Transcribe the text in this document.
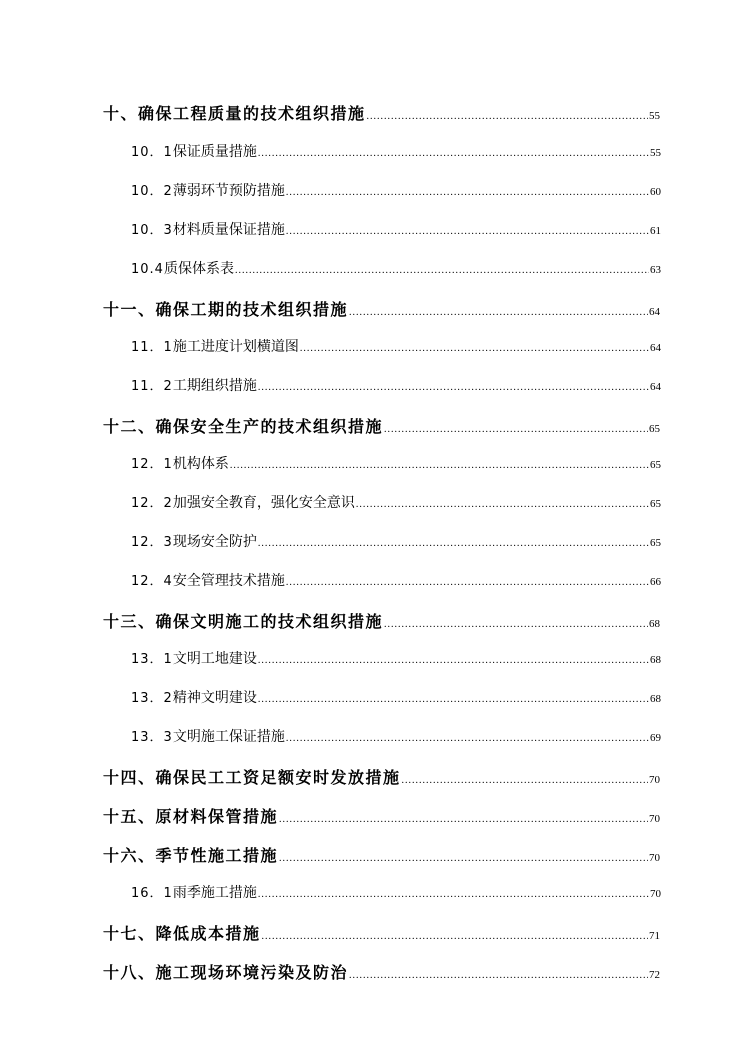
十、确保工程质量的技术组织措施 .....	55
10．1保证质量措施 .....	55
10．2薄弱环节预防措施 .....	60
10．3材料质量保证措施 .....	61
10.4质保体系表 .....	63
十一、确保工期的技术组织措施 .....	64
11．1施工进度计划横道图 .....	64
11．2工期组织措施 .....	64
十二、确保安全生产的技术组织措施 .....	65
12．1机构体系 .....	65
12．2加强安全教育，强化安全意识 .....	65
12．3现场安全防护 .....	65
12．4安全管理技术措施 .....	66
十三、确保文明施工的技术组织措施 .....	68
13．1文明工地建设 .....	68
13．2精神文明建设 .....	68
13．3文明施工保证措施 .....	69
十四、确保民工工资足额安时发放措施 .....	70
十五、原材料保管措施 .....	70
十六、季节性施工措施 .....	70
16．1雨季施工措施 .....	70
十七、降低成本措施 .....	71
十八、施工现场环境污染及防治 .....	72
